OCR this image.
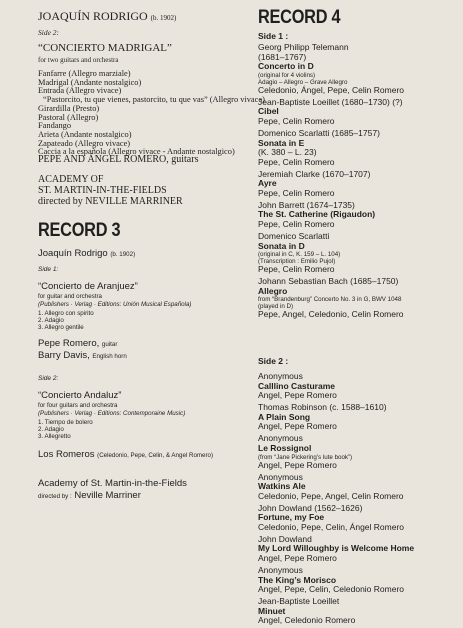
JOAQUÍN RODRIGO (b. 1902)
Side 2:
“CONCIERTO MADRIGAL”
for two guitars and orchestra
Fanfarre (Allegro marziale)
Madrigal (Andante nostalgico)
Entrada (Allegro vivace)
“Pastorcito, tu que vienes, pastorcito, tu que vas” (Allegro vivace)
Girardilla (Presto)
Pastoral (Allegro)
Fandango
Arieta (Andante nostalgico)
Zapateado (Allegro vivace)
Caccia a la española (Allegro vivace - Andante nostalgico)
PEPE AND ÁNGEL ROMERO, guitars
ACADEMY OF
ST. MARTIN-IN-THE-FIELDS
directed by NEVILLE MARRINER
RECORD 3
Joaquín Rodrigo (b. 1902)
Side 1:
“Concierto de Aranjuez”
for guitar and orchestra
(Publishers · Verlag · Editions: Unión Musical Española)
1. Allegro con spirito
2. Adagio
3. Allegro gentile
Pepe Romero, guitar
Barry Davis, English horn
Side 2:
“Concierto Andaluz”
for four guitars and orchestra
(Publishers · Verlag · Editions: Contemporaine Music)
1. Tiempo de bolero
2. Adagio
3. Allegretto
Los Romeros (Celedonio, Pepe, Celin, & Angel Romero)
Academy of St. Martin-in-the-Fields
directed by : Neville Marriner
RECORD 4
Side 1 :
Georg Philipp Telemann
(1681–1767)
Concerto in D
(original for 4 violins)
Adagio – Allegro – Grave Allegro
Celedonio, Ángel, Pepe, Celin Romero
Jean-Baptiste Loeillet (1680–1730) (?)
Cibel
Pepe, Celin Romero
Domenico Scarlatti (1685–1757)
Sonata in E
(K. 380 – L. 23)
Pepe, Celin Romero
Jeremiah Clarke (1670–1707)
Ayre
Pepe, Celin Romero
John Barrett (1674–1735)
The St. Catherine (Rigaudon)
Pepe, Celin Romero
Domenico Scarlatti
Sonata in D
(original in C, K. 159 – L. 104)
(Transcription : Emilio Pujol)
Pepe, Celin Romero
Johann Sebastian Bach (1685–1750)
Allegro
from “Brandenburg” Concerto No. 3 in G, BWV 1048
(played in D)
Pepe, Angel, Celedonio, Celin Romero
Side 2 :
Anonymous
Calllino Casturame
Angel, Pepe Romero
Thomas Robinson (c. 1588–1610)
A Plain Song
Angel, Pepe Romero
Anonymous
Le Rossignol
(from “Jane Pickering’s lute book”)
Angel, Pepe Romero
Anonymous
Watkins Ale
Celedonio, Pepe, Angel, Celin Romero
John Dowland (1562–1626)
Fortune, my Foe
Celedonio, Pepe, Celin, Ángel Romero
John Dowland
My Lord Willoughby is Welcome Home
Angel, Pepe Romero
Anonymous
The King’s Morisco
Angel, Pepe, Celin, Celedonio Romero
Jean-Baptiste Loeillet
Minuet
Angel, Celedonio Romero
